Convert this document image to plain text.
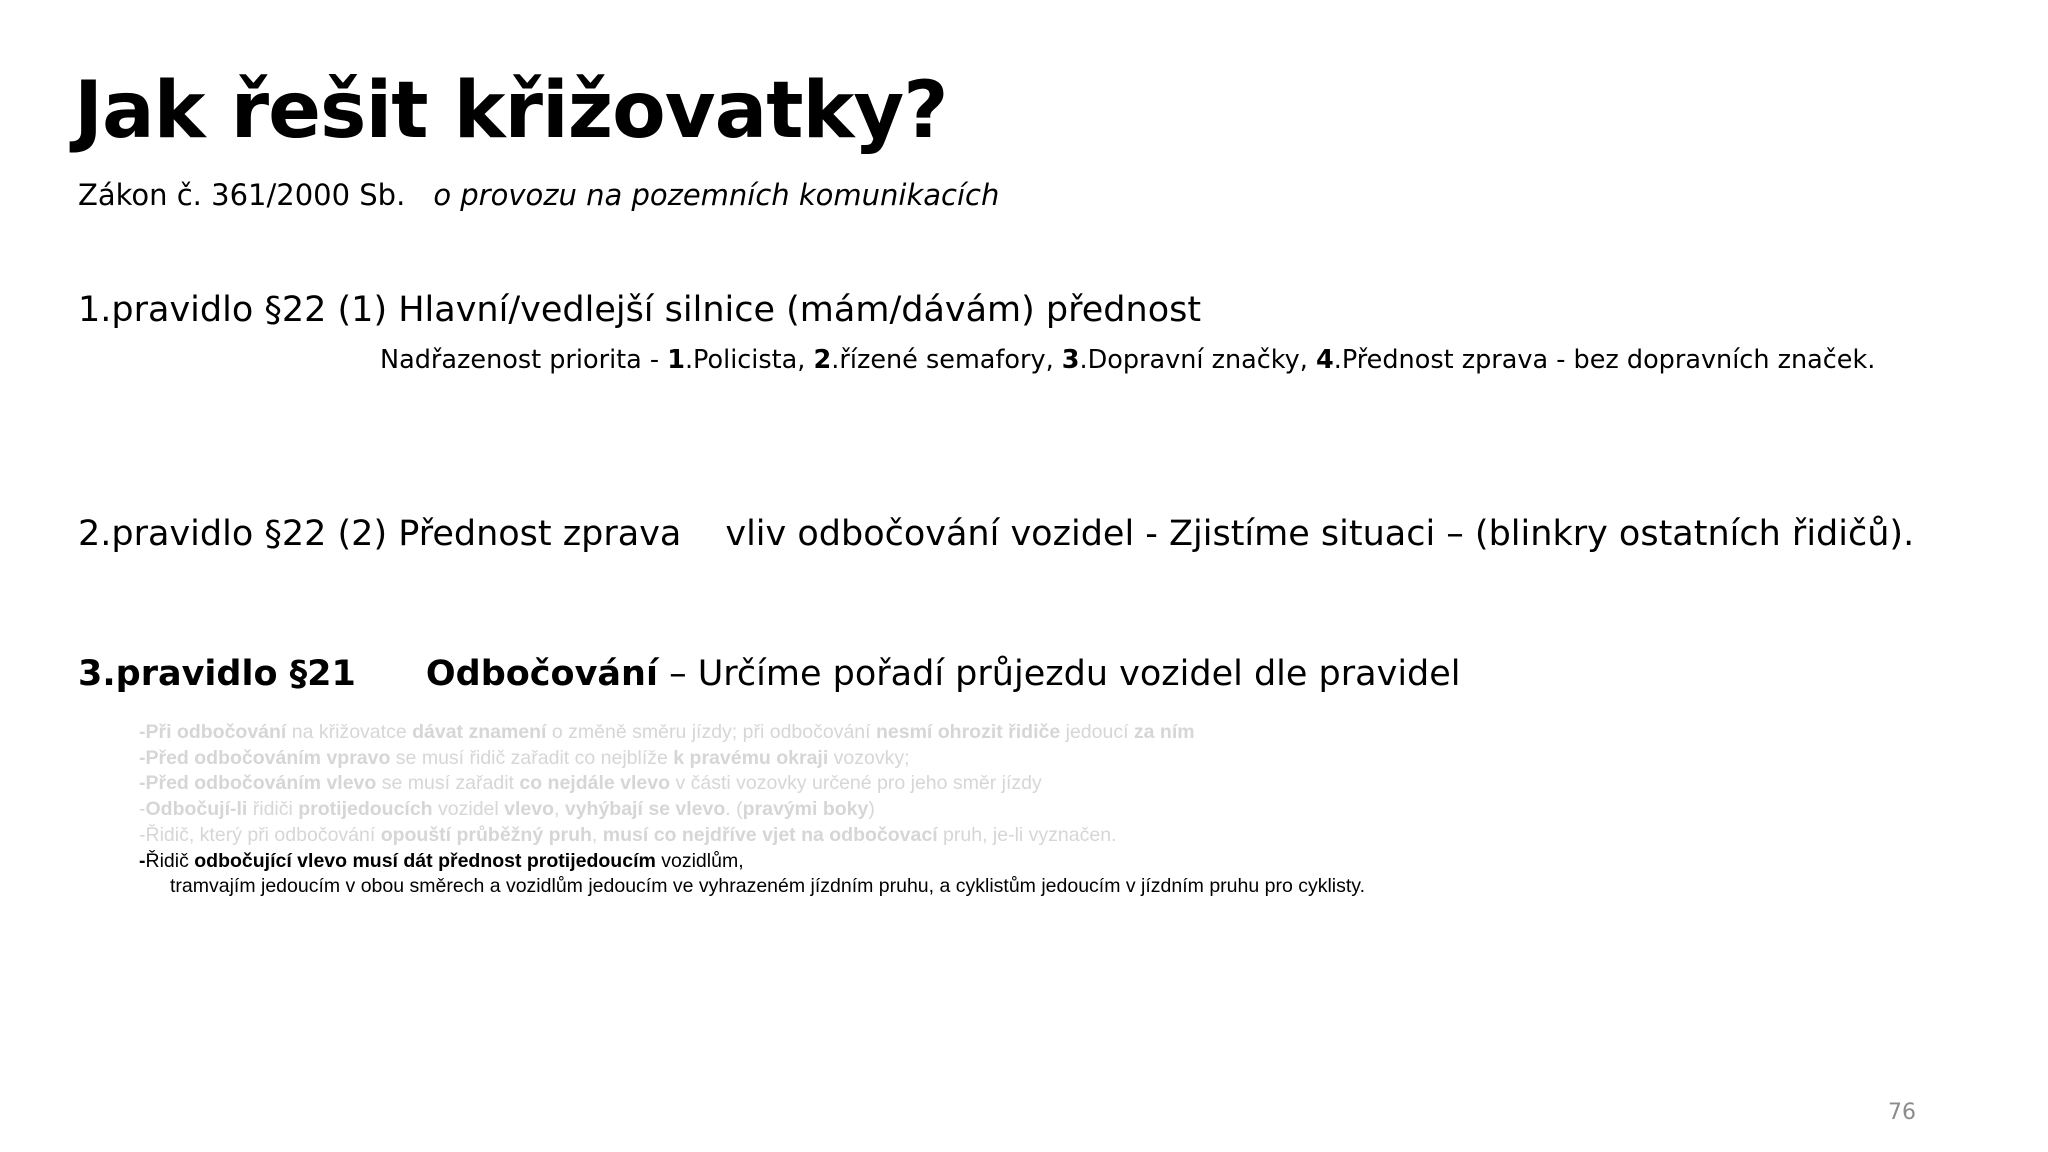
Jak řešit křižovatky?
Zákon č. 361/2000 Sb. o provozu na pozemních komunikacích
1.pravidlo §22 (1) Hlavní/vedlejší silnice (mám/dávám) přednost
Nadřazenost priorita - 1.Policista, 2.řízené semafory, 3.Dopravní značky, 4.Přednost zprava - bez dopravních značek.
2.pravidlo §22 (2) Přednost zprava vliv odbočování vozidel - Zjistíme situaci – (blinkry ostatních řidičů).
3.pravidlo §21 Odbočování – Určíme pořadí průjezdu vozidel dle pravidel
-Při odbočování na křižovatce dávat znamení o změně směru jízdy; při odbočování nesmí ohrozit řidiče jedoucí za ním
-Před odbočováním vpravo se musí řidič zařadit co nejblíže k pravému okraji vozovky;
-Před odbočováním vlevo se musí zařadit co nejdále vlevo v části vozovky určené pro jeho směr jízdy
-Odbočují-li řidiči protijedoucích vozidel vlevo, vyhýbají se vlevo. (pravými boky)
-Řidič, který při odbočování opouští průběžný pruh, musí co nejdříve vjet na odbočovací pruh, je-li vyznačen.
-Řidič odbočující vlevo musí dát přednost protijedoucím vozidlům,
tramvajím jedoucím v obou směrech a vozidlům jedoucím ve vyhrazeném jízdním pruhu, a cyklistům jedoucím v jízdním pruhu pro cyklisty.
76
